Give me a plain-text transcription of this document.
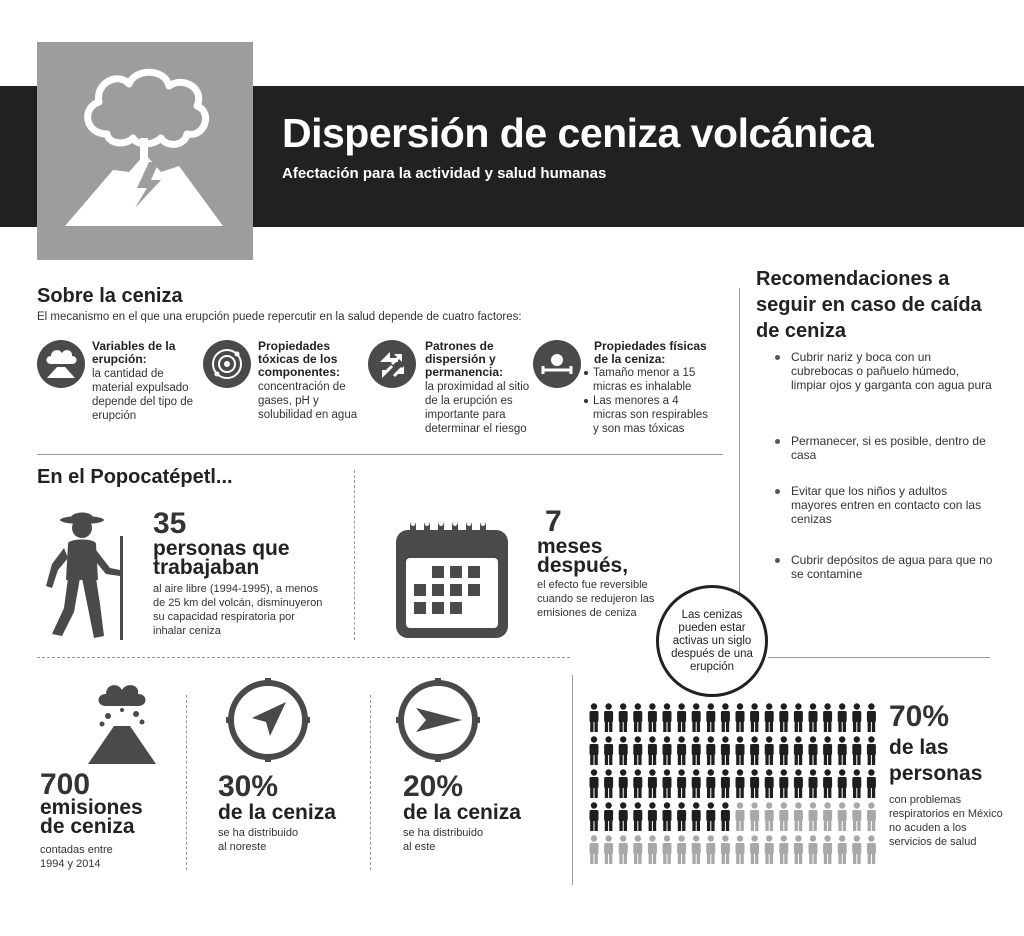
Dispersión de ceniza volcánica
Afectación para la actividad y salud humanas
Sobre la ceniza
El mecanismo en el que una erupción puede repercutir en la salud depende de cuatro factores:
Variables de la erupción:
la cantidad de material expulsado depende del tipo de erupción
Propiedades tóxicas de los componentes:
concentración de gases, pH y solubilidad en agua
Patrones de dispersión y permanencia:
la proximidad al sitio de la erupción es importante para determinar el riesgo
Propiedades físicas de la ceniza:
Tamaño menor a 15 micras es inhalable
Las menores a 4 micras son respirables y son mas tóxicas
Recomendaciones a seguir en caso de caída de ceniza
Cubrir nariz y boca con un cubrebocas o pañuelo húmedo, limpiar ojos y garganta con agua pura
Permanecer, si es posible, dentro de casa
Evitar que los niños y adultos mayores entren en contacto con las cenizas
Cubrir depósitos de agua para que no se contamine
En el Popocatépetl...
35
personas que trabajaban
al aire libre (1994-1995), a menos de 25 km del volcán, disminuyeron su capacidad respiratoria por inhalar ceniza
7
meses después,
el efecto fue reversible cuando se redujeron las emisiones de ceniza
700
emisiones de ceniza
contadas entre 1994 y 2014
30%
de la ceniza
se ha distribuido al noreste
20%
de la ceniza
se ha distribuido al este
Las cenizas pueden estar activas un siglo después de una erupción
70%
de las personas
con problemas respiratorios en México no acuden a los servicios de salud
